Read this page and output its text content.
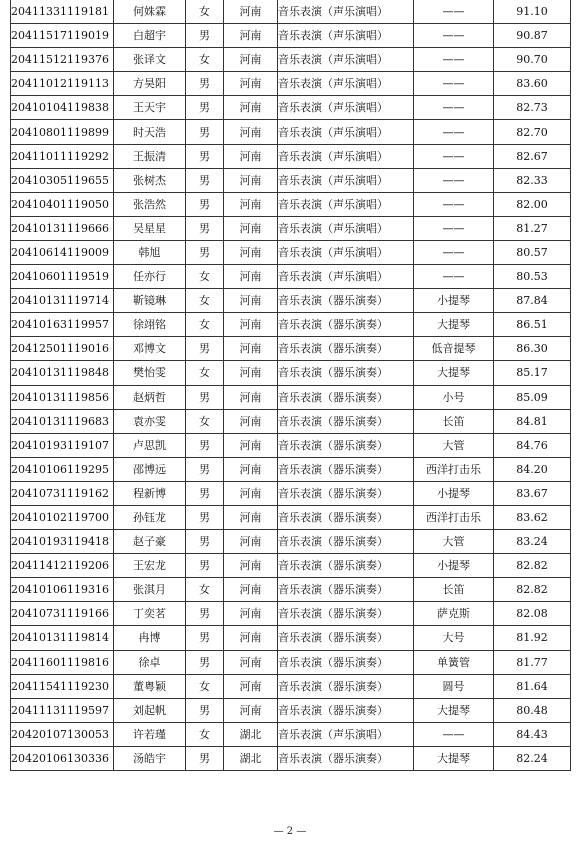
20411331119181	何姝霖	女	河南	音乐表演（声乐演唱）	——	91.10
20411517119019	白超宇	男	河南	音乐表演（声乐演唱）	——	90.87
20411512119376	张译文	女	河南	音乐表演（声乐演唱）	——	90.70
20411012119113	方昊阳	男	河南	音乐表演（声乐演唱）	——	83.60
20410104119838	王天宇	男	河南	音乐表演（声乐演唱）	——	82.73
20410801119899	时天浩	男	河南	音乐表演（声乐演唱）	——	82.70
20411011119292	王振清	男	河南	音乐表演（声乐演唱）	——	82.67
20410305119655	张树杰	男	河南	音乐表演（声乐演唱）	——	82.33
20410401119050	张浩然	男	河南	音乐表演（声乐演唱）	——	82.00
20410131119666	吴星星	男	河南	音乐表演（声乐演唱）	——	81.27
20410614119009	韩旭	男	河南	音乐表演（声乐演唱）	——	80.57
20410601119519	任亦行	女	河南	音乐表演（声乐演唱）	——	80.53
20410131119714	靳镜琳	女	河南	音乐表演（器乐演奏）	小提琴	87.84
20410163119957	徐翊铭	女	河南	音乐表演（器乐演奏）	大提琴	86.51
20412501119016	邓博文	男	河南	音乐表演（器乐演奏）	低音提琴	86.30
20410131119848	樊怡雯	女	河南	音乐表演（器乐演奏）	大提琴	85.17
20410131119856	赵炳哲	男	河南	音乐表演（器乐演奏）	小号	85.09
20410131119683	袁亦雯	女	河南	音乐表演（器乐演奏）	长笛	84.81
20410193119107	卢思凯	男	河南	音乐表演（器乐演奏）	大管	84.76
20410106119295	邵博远	男	河南	音乐表演（器乐演奏）	西洋打击乐	84.20
20410731119162	程新博	男	河南	音乐表演（器乐演奏）	小提琴	83.67
20410102119700	孙钰龙	男	河南	音乐表演（器乐演奏）	西洋打击乐	83.62
20410193119418	赵子豪	男	河南	音乐表演（器乐演奏）	大管	83.24
20411412119206	王宏龙	男	河南	音乐表演（器乐演奏）	小提琴	82.82
20410106119316	张淇月	女	河南	音乐表演（器乐演奏）	长笛	82.82
20410731119166	丁奕茗	男	河南	音乐表演（器乐演奏）	萨克斯	82.08
20410131119814	冉博	男	河南	音乐表演（器乐演奏）	大号	81.92
20411601119816	徐卓	男	河南	音乐表演（器乐演奏）	单簧管	81.77
20411541119230	董粤颖	女	河南	音乐表演（器乐演奏）	圆号	81.64
20411131119597	刘起帆	男	河南	音乐表演（器乐演奏）	大提琴	80.48
20420107130053	许若瑾	女	湖北	音乐表演（声乐演唱）	——	84.43
20420106130336	汤皓宇	男	湖北	音乐表演（器乐演奏）	大提琴	82.24
— 2 —
